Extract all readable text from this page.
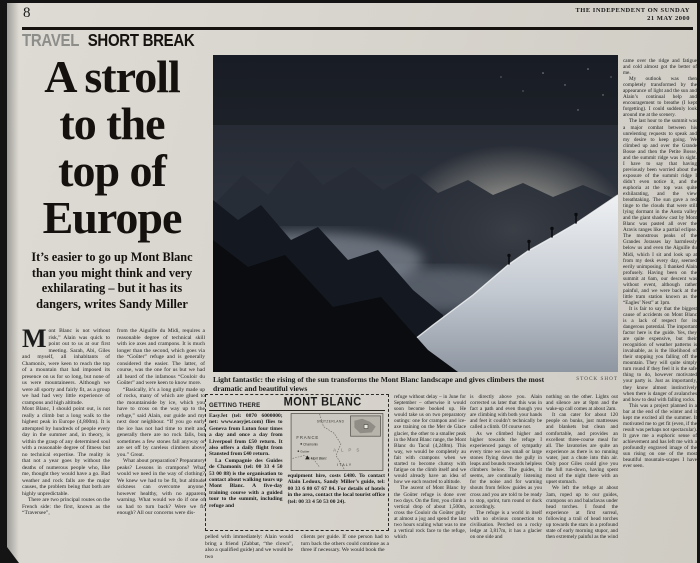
8	THE INDEPENDENT ON SUNDAY
21 MAY 2000
TRAVEL SHORT BREAK
A stroll
to the
top of
Europe
It’s easier to go up Mont Blanc than you might think and very exhilarating – but it has its dangers, writes Sandy Miller

Mont Blanc is not without risk,” Alain was quick to point out to us at our first meeting. Sarah, Abi, Giles and myself, all inhabitants of Chamonix, were keen to reach the top of a mountain that had imposed its presence on us for so long, but none of us were mountaineers. Although we were all sporty and fairly fit, as a group we had had very little experience of crampons and high altitude.

Mont Blanc, I should point out, is not really a climb but a long walk to the highest peak in Europe (4,800m). It is attempted by hundreds of people every day in the summer and, in theory, is within the grasp of any determined soul with a reasonable degree of fitness but no technical expertise. The reality is that not a year goes by without the deaths of numerous people who, like me, thought they would have a go. Bad weather and rock falls are the major causes, the problem being that both are highly unpredictable.

There are two principal routes on the French side: the first, known as the “Traversee”,

from the Aiguille du Midi, requires a reasonable degree of technical skill with ice axes and crampons. It is much longer than the second, which goes via the “Goûter” refuge and is generally considered the easier. The latter, of course, was the one for us but we had all heard of the infamous “Couloir du Goûter” and were keen to know more.

“Basically, it’s a long gully made up of rocks, many of which are glued to the mountainside by ice, which you have to cross on the way up to the refuge,” said Alain, our guide and my next door neighbour. “If you go early the ice has not had time to melt and generally there are no rock falls, but sometimes a few stones fall anyway or are set off by careless climbers above you.” Great.

What about preparation? Preparatory peaks? Lessons in crampons? What would we need in the way of clothing? We knew we had to be fit, but altitude sickness can overcome anyone, however healthy, with no apparent warning. What would we do if one of us had to turn back? Were we fit enough? All our concerns were dis-

Light fantastic: the rising of the sun transforms the Mont Blanc landscape and gives climbers the most dramatic and beautiful views
STOCK SHOT
GETTING THERE	MONT BLANC

EasyJet (tel: 0870 6000000; net: www.easyjet.com) flies to Geneva from Luton four times a day and once a day from Liverpool from £50 return. It also offers a daily flight from Stansted from £40 return.

La Compagnie des Guides de Chamonix (tel: 00 33 4 50 53 00 88) is the organisation to contact about walking tours up Mont Blanc. A five-day training course with a guided tour to the summit, including refuge and

SWITZERLAND
FRANCE
Chamonix
Goûter
Mont Blanc
A L P S
ITALY

equipment hire, costs £480. To contact Alain Ledoux, Sandy Miller’s guide, tel: 00 33 6 80 67 67 84. For details of hotels in the area, contact the local tourist office (tel: 00 33 4 50 53 00 24).

pelled with immediately: Alain would bring a friend (Zabbat, “the clown”, also a qualified guide) and we would be two

clients per guide. If one person had to turn back the others could continue as a three if necessary. We would book the

refuge without delay – in June for September – otherwise it would soon become booked up. He would take us on two preparatory outings: one for crampon and ice-axe training on the Mer de Glace glacier, the other to a smaller peak in the Mont Blanc range, the Mont Blanc du Tacul (4,248m). This way, we would be completely au fait with crampons when we started to become clumsy with fatigue on the climb itself and we would already have an idea of how we each reacted to altitude.

The ascent of Mont Blanc by the Goûter refuge is done over two days. On the first, you climb a vertical drop of about 1,500m, cross the Couloir du Goûter gully at almost a jog and spend the last two hours scaling what was to me a vertical rock face to the refuge, which

is directly above you. Alain corrected us later that this was in fact a path and even though you are climbing with both your hands and feet it couldn’t technically be called a climb. Of course not.

As we climbed higher and higher towards the refuge I experienced pangs of sympathy every time we saw small or large stones flying down the gully in leaps and bounds towards helpless climbers below. The guides, it seems, are continually listening for the noise and for warning shouts from fellow guides as you cross and you are told to be ready to stop, sprint, turn round or duck accordingly.

The refuge is a world in itself with no obvious connection to civilisation. Perched on a rocky ledge at 3,817m, it has a glacier on one side and

nothing on the other. Lights out and silence are at 8pm and the wake-up call comes at about 2am.

It can cater for about 120 people on bunks, just mattresses and blankets but clean and comfortable, and provides an excellent three-course meal for all. The lavatories are quite an experience as there is no running water, just a chute into thin air. Only poor Giles could give you the full run-down, having spent most of the night there with an upset stomach.

We left the refuge at about 3am, roped up to our guides, crampons on and balaclavas under head torches. I found the experience at first surreal, following a trail of head torches up towards the stars in a profound state of early morning stupor, and then extremely painful as the wind

came over the ridge and fatigue and cold almost got the better of me.

My outlook was then completely transformed by the appearance of light and the sun and Alain’s continual help and encouragement to breathe (I kept forgetting). I could suddenly look around me at the scenery.

The last hour to the summit was a major combat between his unrelenting requests to speak and my desire to keep going. We climbed up and over the Grande Bosse and then the Petite Bosse, and the summit ridge was in sight. I have to say that having previously been worried about the exposure of the summit ridge I didn’t even notice it, and the euphoria at the top was quite exhilarating, and the view breathtaking. The sun gave a red tinge to the clouds that were still lying dormant in the Aosta valley and the giant shadow cast by Mont Blanc was pasted all over the Aravis ranges like a partial eclipse. The monstrous peaks of the Grandes Jorasses lay harmlessly below us and even the Aiguille du Midi, which I sit and look up at from my desk every day, seemed eerily unimposing. I thanked Alain profusely. Having been on the summit at 6am, our descent was without event, although rather painful, and we were back at the little tram station known as the “Eagles’ Nest” at 1pm.

It is fair to say that the biggest cause of accidents on Mont Blanc is a lack of respect for its dangerous potential. The important factor here is the guide. Yes, they are quite expensive, but their recognition of weather patterns is invaluable, as is the likelihood of their stopping you falling off the mountain. They will quite simply turn round if they feel it is the safe thing to do, however motivated your party is. Just as importantly, they know almost instinctively when there is danger of avalanches and how to deal with falling rocks.

This was a project planned in a bar at the end of the winter and it kept me excited all the summer. It motivated me to get fit (even, if the result was perhaps not spectacular). It gave me a euphoric sense of achievement and has left me with a profoundly engraved image of the sun rising on one of the most beautiful mountain-scapes I have ever seen.
